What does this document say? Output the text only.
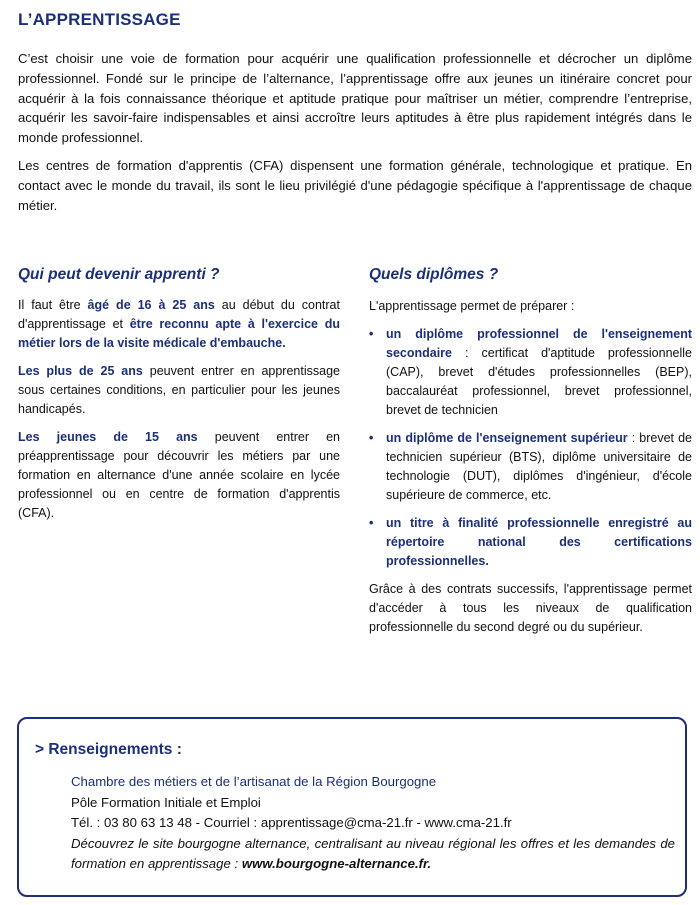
L’APPRENTISSAGE

C’est choisir une voie de formation pour acquérir une qualification professionnelle et décrocher un diplôme professionnel. Fondé sur le principe de l’alternance, l’apprentissage offre aux jeunes un itinéraire concret pour acquérir à la fois connaissance théorique et aptitude pratique pour maîtriser un métier, comprendre l’entreprise, acquérir les savoir-faire indispensables et ainsi accroître leurs aptitudes à être plus rapidement intégrés dans le monde professionnel.

Les centres de formation d'apprentis (CFA) dispensent une formation générale, technologique et pratique. En contact avec le monde du travail, ils sont le lieu privilégié d'une pédagogie spécifique à l'apprentissage de chaque métier.

Qui peut devenir apprenti ?

Il faut être âgé de 16 à 25 ans au début du contrat d'apprentissage et être reconnu apte à l'exercice du métier lors de la visite médicale d'embauche.

Les plus de 25 ans peuvent entrer en apprentissage sous certaines conditions, en particulier pour les jeunes handicapés.

Les jeunes de 15 ans peuvent entrer en préapprentissage pour découvrir les métiers par une formation en alternance d'une année scolaire en lycée professionnel ou en centre de formation d'apprentis (CFA).

Quels diplômes ?

L'apprentissage permet de préparer :

• un diplôme professionnel de l'enseignement secondaire : certificat d'aptitude professionnelle (CAP), brevet d'études professionnelles (BEP), baccalauréat professionnel, brevet professionnel, brevet de technicien
• un diplôme de l'enseignement supérieur : brevet de technicien supérieur (BTS), diplôme universitaire de technologie (DUT), diplômes d'ingénieur, d'école supérieure de commerce, etc.
• un titre à finalité professionnelle enregistré au répertoire national des certifications professionnelles.

Grâce à des contrats successifs, l'apprentissage permet d'accéder à tous les niveaux de qualification professionnelle du second degré ou du supérieur.

> Renseignements :
Chambre des métiers et de l’artisanat de la Région Bourgogne
Pôle Formation Initiale et Emploi
Tél. : 03 80 63 13 48 - Courriel : apprentissage@cma-21.fr - www.cma-21.fr
Découvrez le site bourgogne alternance, centralisant au niveau régional les offres et les demandes de formation en apprentissage : www.bourgogne-alternance.fr.
